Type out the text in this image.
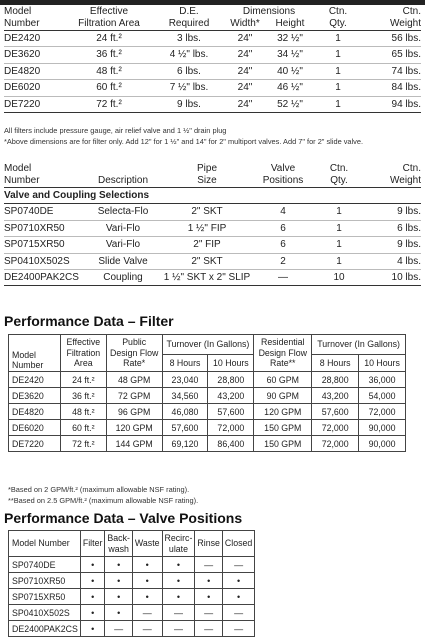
Model	Effective	D.E.	Dimensions		Ctn.	Ctn.
Number	Filtration Area	Required	Width*	Height	Qty.	Weight

DE2420	24 ft.²	3 lbs.	24"	32 ½"	1	56 lbs.
DE3620	36 ft.²	4 ½" lbs.	24"	34 ½"	1	65 lbs.
DE4820	48 ft.²	6 lbs.	24"	40 ½"	1	74 lbs.
DE6020	60 ft.²	7 ½" lbs.	24"	46 ½"	1	84 lbs.
DE7220	72 ft.²	9 lbs.	24"	52 ½"	1	94 lbs.
All filters include pressure gauge, air relief valve and 1 ½" drain plug
*Above dimensions are for filter only. Add 12" for 1 ½" and 14" for 2" multiport valves. Add 7" for 2" slide valve.
Model		Pipe	Valve	Ctn.	Ctn.
Number	Description	Size	Positions	Qty.	Weight

Valve and Coupling Selections					
SP0740DE	Selecta-Flo	2" SKT	4	1	9 lbs.
SP0710XR50	Vari-Flo	1 ½" FIP	6	1	6 lbs.
SP0715XR50	Vari-Flo	2" FIP	6	1	9 lbs.
SP0410X502S	Slide Valve	2" SKT	2	1	4 lbs.
DE2400PAK2CS	Coupling	1 ½" SKT x 2" SLIP	—	10	10 lbs.
Performance Data – Filter
Model Number	Effective Filtration Area	Public Design Flow Rate*	Turnover (In Gallons)		Residential Design Flow Rate**	Turnover (In Gallons)	
			8 Hours	10 Hours		8 Hours	10 Hours
DE2420	24 ft.²	48 GPM	23,040	28,800	60 GPM	28,800	36,000
DE3620	36 ft.²	72 GPM	34,560	43,200	90 GPM	43,200	54,000
DE4820	48 ft.²	96 GPM	46,080	57,600	120 GPM	57,600	72,000
DE6020	60 ft.²	120 GPM	57,600	72,000	150 GPM	72,000	90,000
DE7220	72 ft.²	144 GPM	69,120	86,400	150 GPM	72,000	90,000
*Based on 2 GPM/ft.² (maximum allowable NSF rating).
**Based on 2.5 GPM/ft.² (maximum allowable NSF rating).
Performance Data – Valve Positions
Model Number	Filter	Back-wash	Waste	Recirc-ulate	Rinse	Closed
SP0740DE	•	•	•	•	—	—
SP0710XR50	•	•	•	•	•	•
SP0715XR50	•	•	•	•	•	•
SP0410X502S	•	•	—	—	—	—
DE2400PAK2CS	•	—	—	—	—	—
